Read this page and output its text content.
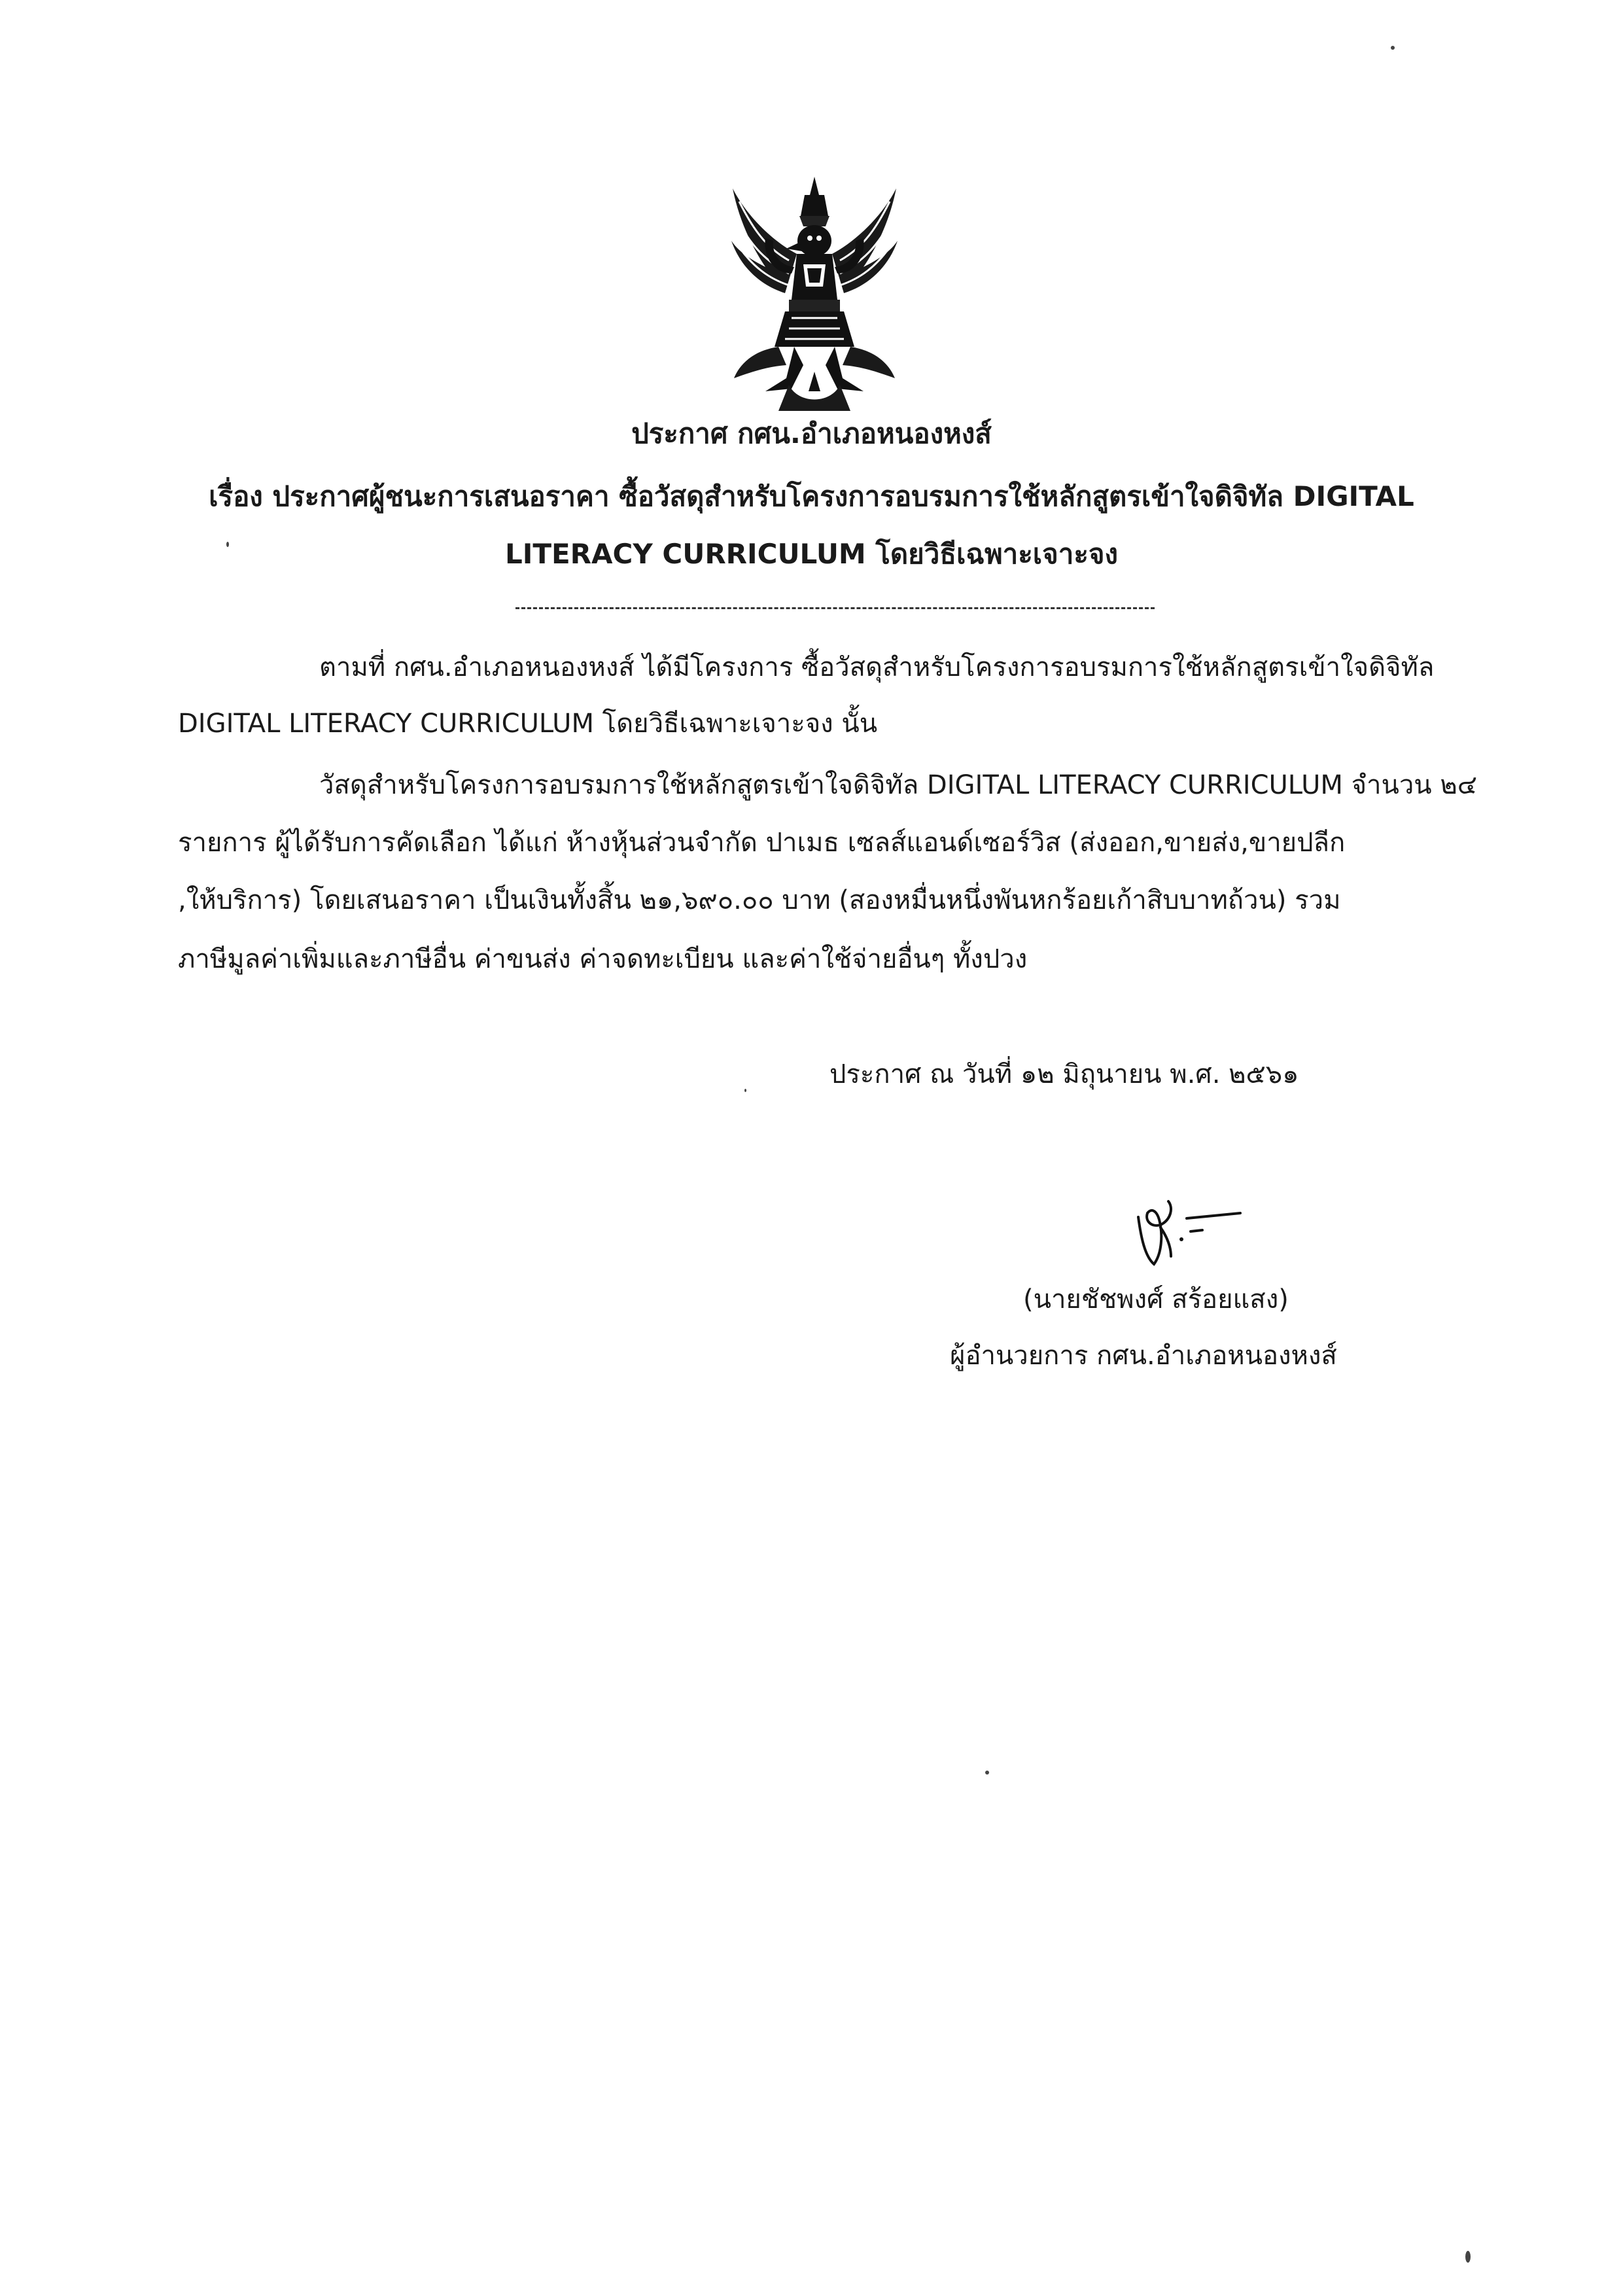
ประกาศ กศน.อำเภอหนองหงส์
เรื่อง ประกาศผู้ชนะการเสนอราคา ซื้อวัสดุสำหรับโครงการอบรมการใช้หลักสูตรเข้าใจดิจิทัล DIGITAL
LITERACY CURRICULUM โดยวิธีเฉพาะเจาะจง
ตามที่ กศน.อำเภอหนองหงส์ ได้มีโครงการ ซื้อวัสดุสำหรับโครงการอบรมการใช้หลักสูตรเข้าใจดิจิทัล
DIGITAL LITERACY CURRICULUM โดยวิธีเฉพาะเจาะจง นั้น
วัสดุสำหรับโครงการอบรมการใช้หลักสูตรเข้าใจดิจิทัล DIGITAL LITERACY CURRICULUM จำนวน ๒๔
รายการ ผู้ได้รับการคัดเลือก ได้แก่ ห้างหุ้นส่วนจำกัด ปาเมธ เซลส์แอนด์เซอร์วิส (ส่งออก,ขายส่ง,ขายปลีก
,ให้บริการ) โดยเสนอราคา เป็นเงินทั้งสิ้น ๒๑,๖๙๐.๐๐ บาท (สองหมื่นหนึ่งพันหกร้อยเก้าสิบบาทถ้วน) รวม
ภาษีมูลค่าเพิ่มและภาษีอื่น ค่าขนส่ง ค่าจดทะเบียน และค่าใช้จ่ายอื่นๆ ทั้งปวง
ประกาศ ณ วันที่ ๑๒ มิถุนายน พ.ศ. ๒๕๖๑
(นายชัชพงศ์ สร้อยแสง)
ผู้อำนวยการ กศน.อำเภอหนองหงส์
